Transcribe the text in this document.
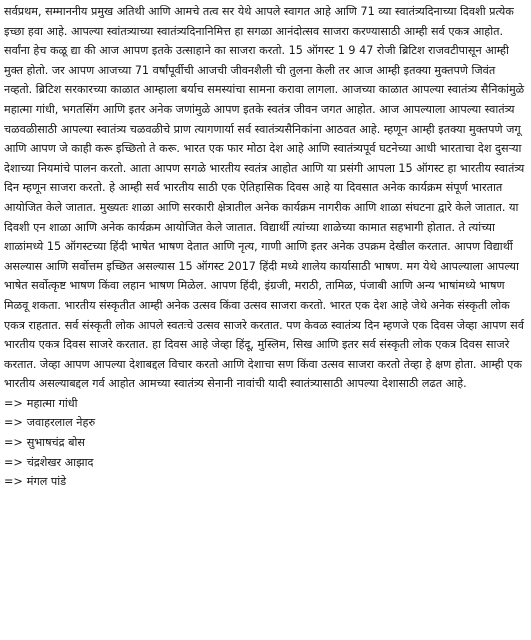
सर्वप्रथम, सम्माननीय प्रमुख अतिथी आणि आमचे तत्व सर येथे आपले स्वागत आहे आणि 71 व्या स्वातंत्र्यदिनाच्या दिवशी प्रत्येक इच्छा हवा आहे. आपल्या स्वांतत्र्याच्या स्वातंत्र्यदिनानिमित्त हा सगळा आनंदोत्सव साजरा करण्यासाठी आम्ही सर्व एकत्र आहोत. सर्वांना हेच कळू द्या की आज आपण इतके उत्साहाने का साजरा करतो. 15 ऑगस्ट 1 9 47 रोजी ब्रिटिश राजवटीपासून आम्ही मुक्त होतो. जर आपण आजच्या 71 वर्षांपूर्वीची आजची जीवनशैली ची तुलना केली तर आज आम्ही इतक्या मुक्तपणे जिवंत नव्हतो. ब्रिटिश सरकारच्या काळात आम्हाला बर्याच समस्यांचा सामना करावा लागला. आजच्या काळात आपल्या स्वातंत्र्य सैनिकांमुळे महात्मा गांधी, भगतसिंग आणि इतर अनेक जणांमुळे आपण इतके स्वतंत्र जीवन जगत आहोत. आज आपल्याला आपल्या स्वातंत्र्य चळवळीसाठी आपल्या स्वातंत्र्य चळवळीचे प्राण त्यागणार्या सर्व स्वातंत्र्यसैनिकांना आठवत आहे. म्हणून आम्ही इतक्या मुक्तपणे जगू आणि आपण जे काही करू इच्छितो ते करू. भारत एक फार मोठा देश आहे आणि स्वातंत्र्यपूर्व घटनेच्या आधी भारताचा देश दुसऱ्या देशाच्या नियमांचे पालन करतो. आता आपण सगळे भारतीय स्वतंत्र आहोत आणि या प्रसंगी आपला 15 ऑगस्ट हा भारतीय स्वातंत्र्य दिन म्हणून साजरा करतो. हे आम्ही सर्व भारतीय साठी एक ऐतिहासिक दिवस आहे या दिवसात अनेक कार्यक्रम संपूर्ण भारतात आयोजित केले जातात. मुख्यतः शाळा आणि सरकारी क्षेत्रातील अनेक कार्यक्रम नागरीक आणि शाळा संघटना द्वारे केले जातात. या दिवशी एन शाळा आणि अनेक कार्यक्रम आयोजित केले जातात. विद्यार्थी त्यांच्या शाळेच्या कामात सहभागी होतात. ते त्यांच्या शाळांमध्ये 15 ऑगस्टच्या हिंदी भाषेत भाषण देतात आणि नृत्य, गाणी आणि इतर अनेक उपक्रम देखील करतात. आपण विद्यार्थी असल्यास आणि सर्वोत्तम इच्छित असल्यास 15 ऑगस्ट 2017 हिंदी मध्ये शालेय कार्यासाठी भाषण. मग येथे आपल्याला आपल्या भाषेत सर्वोत्कृष्ट भाषण किंवा लहान भाषण मिळेल. आपण हिंदी, इंग्रजी, मराठी, तामिळ, पंजाबी आणि अन्य भाषांमध्ये भाषण मिळवू शकता. भारतीय संस्कृतीत आम्ही अनेक उत्सव किंवा उत्सव साजरा करतो. भारत एक देश आहे जेथे अनेक संस्कृती लोक एकत्र राहतात. सर्व संस्कृती लोक आपले स्वतःचे उत्सव साजरे करतात. पण केवळ स्वातंत्र्य दिन म्हणजे एक दिवस जेव्हा आपण सर्व भारतीय एकत्र दिवस साजरे करतात. हा दिवस आहे जेव्हा हिंदू, मुस्लिम, सिख आणि इतर सर्व संस्कृती लोक एकत्र दिवस साजरे करतात. जेव्हा आपण आपल्या देशाबद्दल विचार करतो आणि देशाचा सण किंवा उत्सव साजरा करतो तेव्हा हे क्षण होता. आम्ही एक भारतीय असल्याबद्दल गर्व आहोत आमच्या स्वातंत्र्य सेनानी नावांची यादी स्वातंत्र्यासाठी आपल्या देशासाठी लढत आहे.

=> महात्मा गांधी
=> जवाहरलाल नेहरु
=> सुभाषचंद्र बोस
=> चंद्रशेखर आझाद
=> मंगल पांडे
